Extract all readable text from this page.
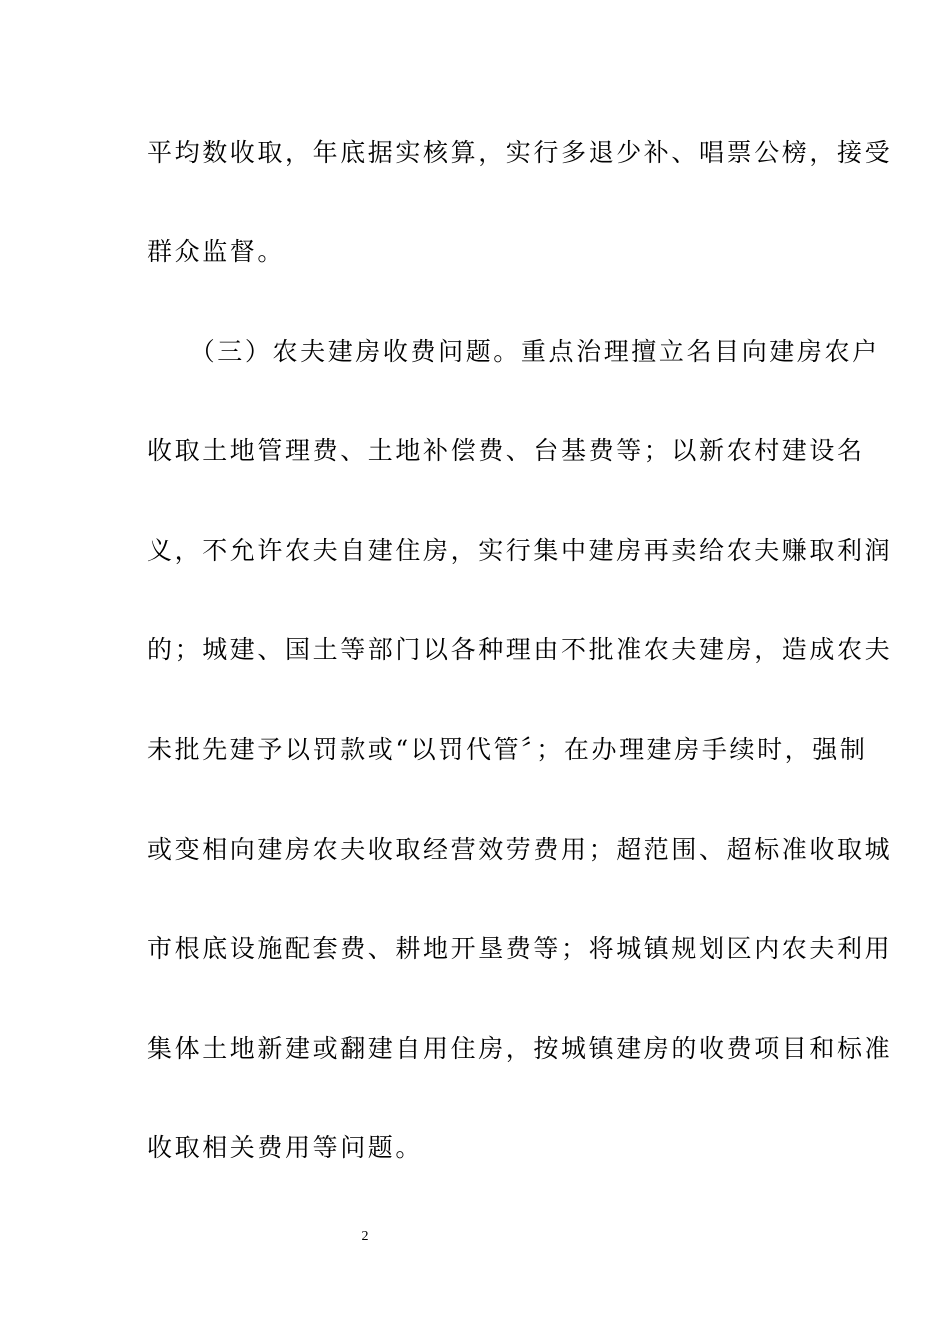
平均数收取，年底据实核算，实行多退少补、唱票公榜，接受
群众监督。
　　（三）农夫建房收费问题。重点治理擅立名目向建房农户
收取土地管理费、土地补偿费、台基费等；以新农村建设名
义，不允许农夫自建住房，实行集中建房再卖给农夫赚取利润
的；城建、国土等部门以各种理由不批准农夫建房，造成农夫
未批先建予以罚款或“以罚代管〞；在办理建房手续时，强制
或变相向建房农夫收取经营效劳费用；超范围、超标准收取城
市根底设施配套费、耕地开垦费等；将城镇规划区内农夫利用
集体土地新建或翻建自用住房，按城镇建房的收费项目和标准
收取相关费用等问题。
2
